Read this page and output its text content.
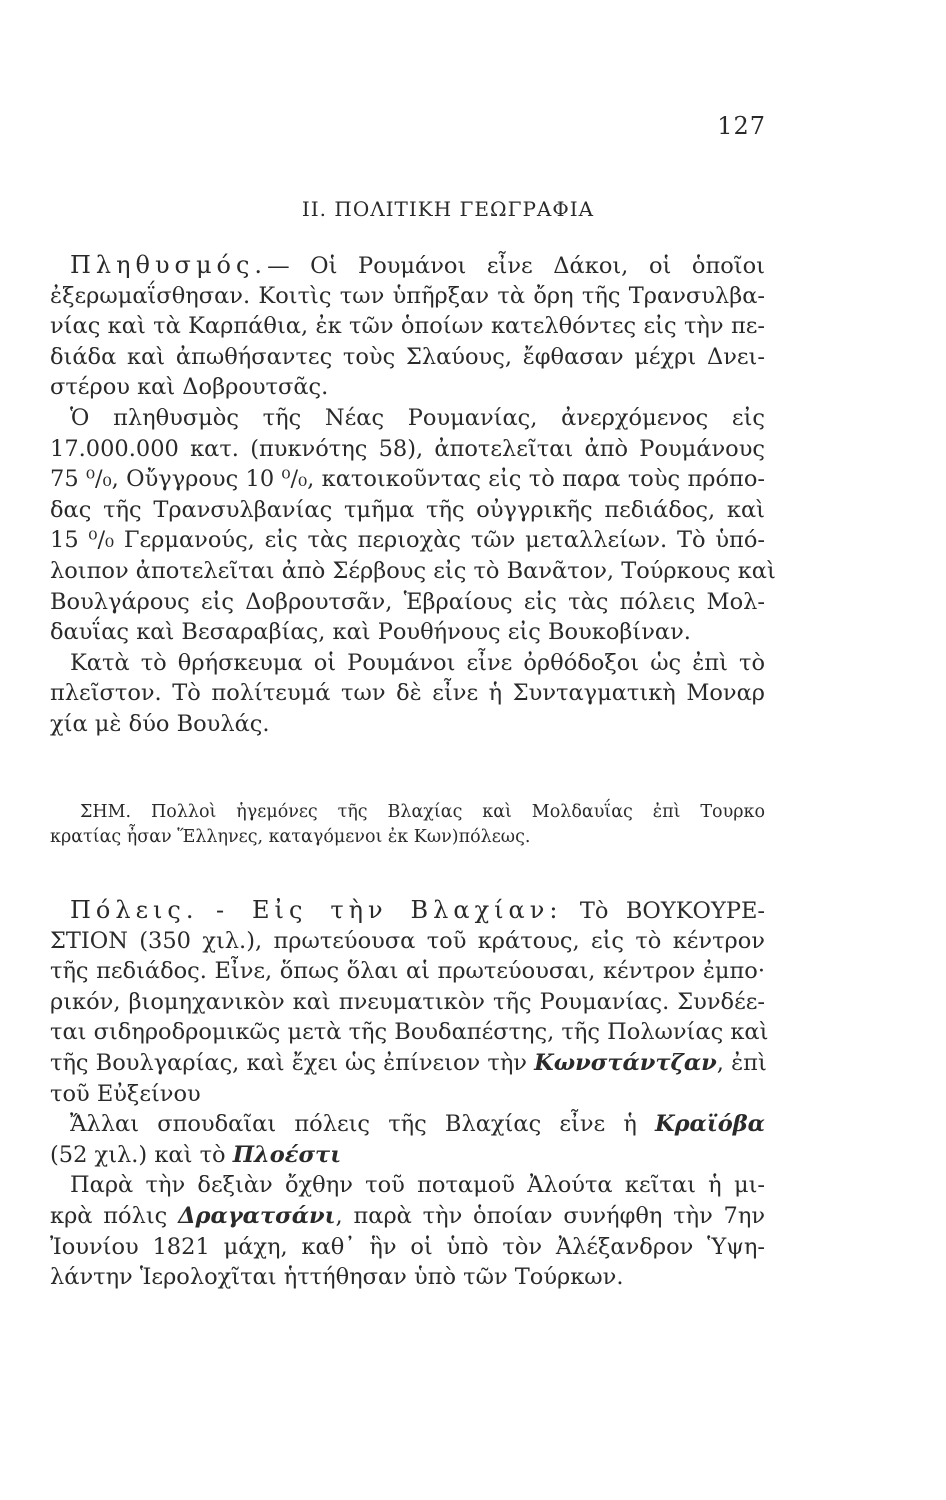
127
ΙΙ. ΠΟΛΙΤΙΚΗ ΓΕΩΓΡΑΦΙΑ
Πληθυσμός.— Οἱ Ρουμάνοι εἶνε Δάκοι, οἱ ὁποῖοι
ἐξερωμαΐσθησαν. Κοιτὶς των ὑπῆρξαν τὰ ὄρη τῆς Τρανσυλβα-
νίας καὶ τὰ Καρπάθια, ἐκ τῶν ὁποίων κατελθόντες εἰς τὴν πε-
διάδα καὶ ἀπωθήσαντες τοὺς Σλαύους, ἔφθασαν μέχρι Δνει-
στέρου καὶ Δοβρουτσᾶς.
Ὁ πληθυσμὸς τῆς Νέας Ρουμανίας, ἀνερχόμενος εἰς
17.000.000 κατ. (πυκνότης 58), ἀποτελεῖται ἀπὸ Ρουμάνους
75 ⁰/₀, Οὔγγρους 10 ⁰/₀, κατοικοῦντας εἰς τὸ παρα τοὺς πρόπο-
δας τῆς Τρανσυλβανίας τμῆμα τῆς οὐγγρικῆς πεδιάδος, καὶ
15 ⁰/₀ Γερμανούς, εἰς τὰς περιοχὰς τῶν μεταλλείων. Τὸ ὑπό-
λοιπον ἀποτελεῖται ἀπὸ Σέρβους εἰς τὸ Βανᾶτον, Τούρκους καὶ
Βουλγάρους εἰς Δοβρουτσᾶν, Ἑβραίους εἰς τὰς πόλεις Μολ-
δαυΐας καὶ Βεσαραβίας, καὶ Ρουθήνους εἰς Βουκοβίναν.
Κατὰ τὸ θρήσκευμα οἱ Ρουμάνοι εἶνε ὀρθόδοξοι ὡς ἐπὶ τὸ
πλεῖστον. Τὸ πολίτευμά των δὲ εἶνε ἡ Συνταγματικὴ Μοναρ
χία μὲ δύο Βουλάς.
ΣΗΜ. Πολλοὶ ἡγεμόνες τῆς Βλαχίας καὶ Μολδαυΐας ἐπὶ Τουρκο
κρατίας ἦσαν Ἕλληνες, καταγόμενοι ἐκ Κων)πόλεως.
Πόλεις. - Εἰς τὴν Βλαχίαν: Τὸ ΒΟΥΚΟΥΡΕ-
ΣΤΙΟΝ (350 χιλ.), πρωτεύουσα τοῦ κράτους, εἰς τὸ κέντρον
τῆς πεδιάδος. Εἶνε, ὅπως ὅλαι αἱ πρωτεύουσαι, κέντρον ἐμπο·
ρικόν, βιομηχανικὸν καὶ πνευματικὸν τῆς Ρουμανίας. Συνδέε-
ται σιδηροδρομικῶς μετὰ τῆς Βουδαπέστης, τῆς Πολωνίας καὶ
τῆς Βουλγαρίας, καὶ ἔχει ὡς ἐπίνειον τὴν Κωνστάντζαν, ἐπὶ
τοῦ Εὐξείνου
Ἄλλαι σπουδαῖαι πόλεις τῆς Βλαχίας εἶνε ἡ Κραϊόβα
(52 χιλ.) καὶ τὸ Πλοέστι
Παρὰ τὴν δεξιὰν ὄχθην τοῦ ποταμοῦ Ἀλούτα κεῖται ἡ μι-
κρὰ πόλις Δραγατσάνι, παρὰ τὴν ὁποίαν συνήφθη τὴν 7ην
Ἰουνίου 1821 μάχη, καθ᾽ ἣν οἱ ὑπὸ τὸν Ἀλέξανδρον Ὑψη-
λάντην Ἱερολοχῖται ἡττήθησαν ὑπὸ τῶν Τούρκων.
